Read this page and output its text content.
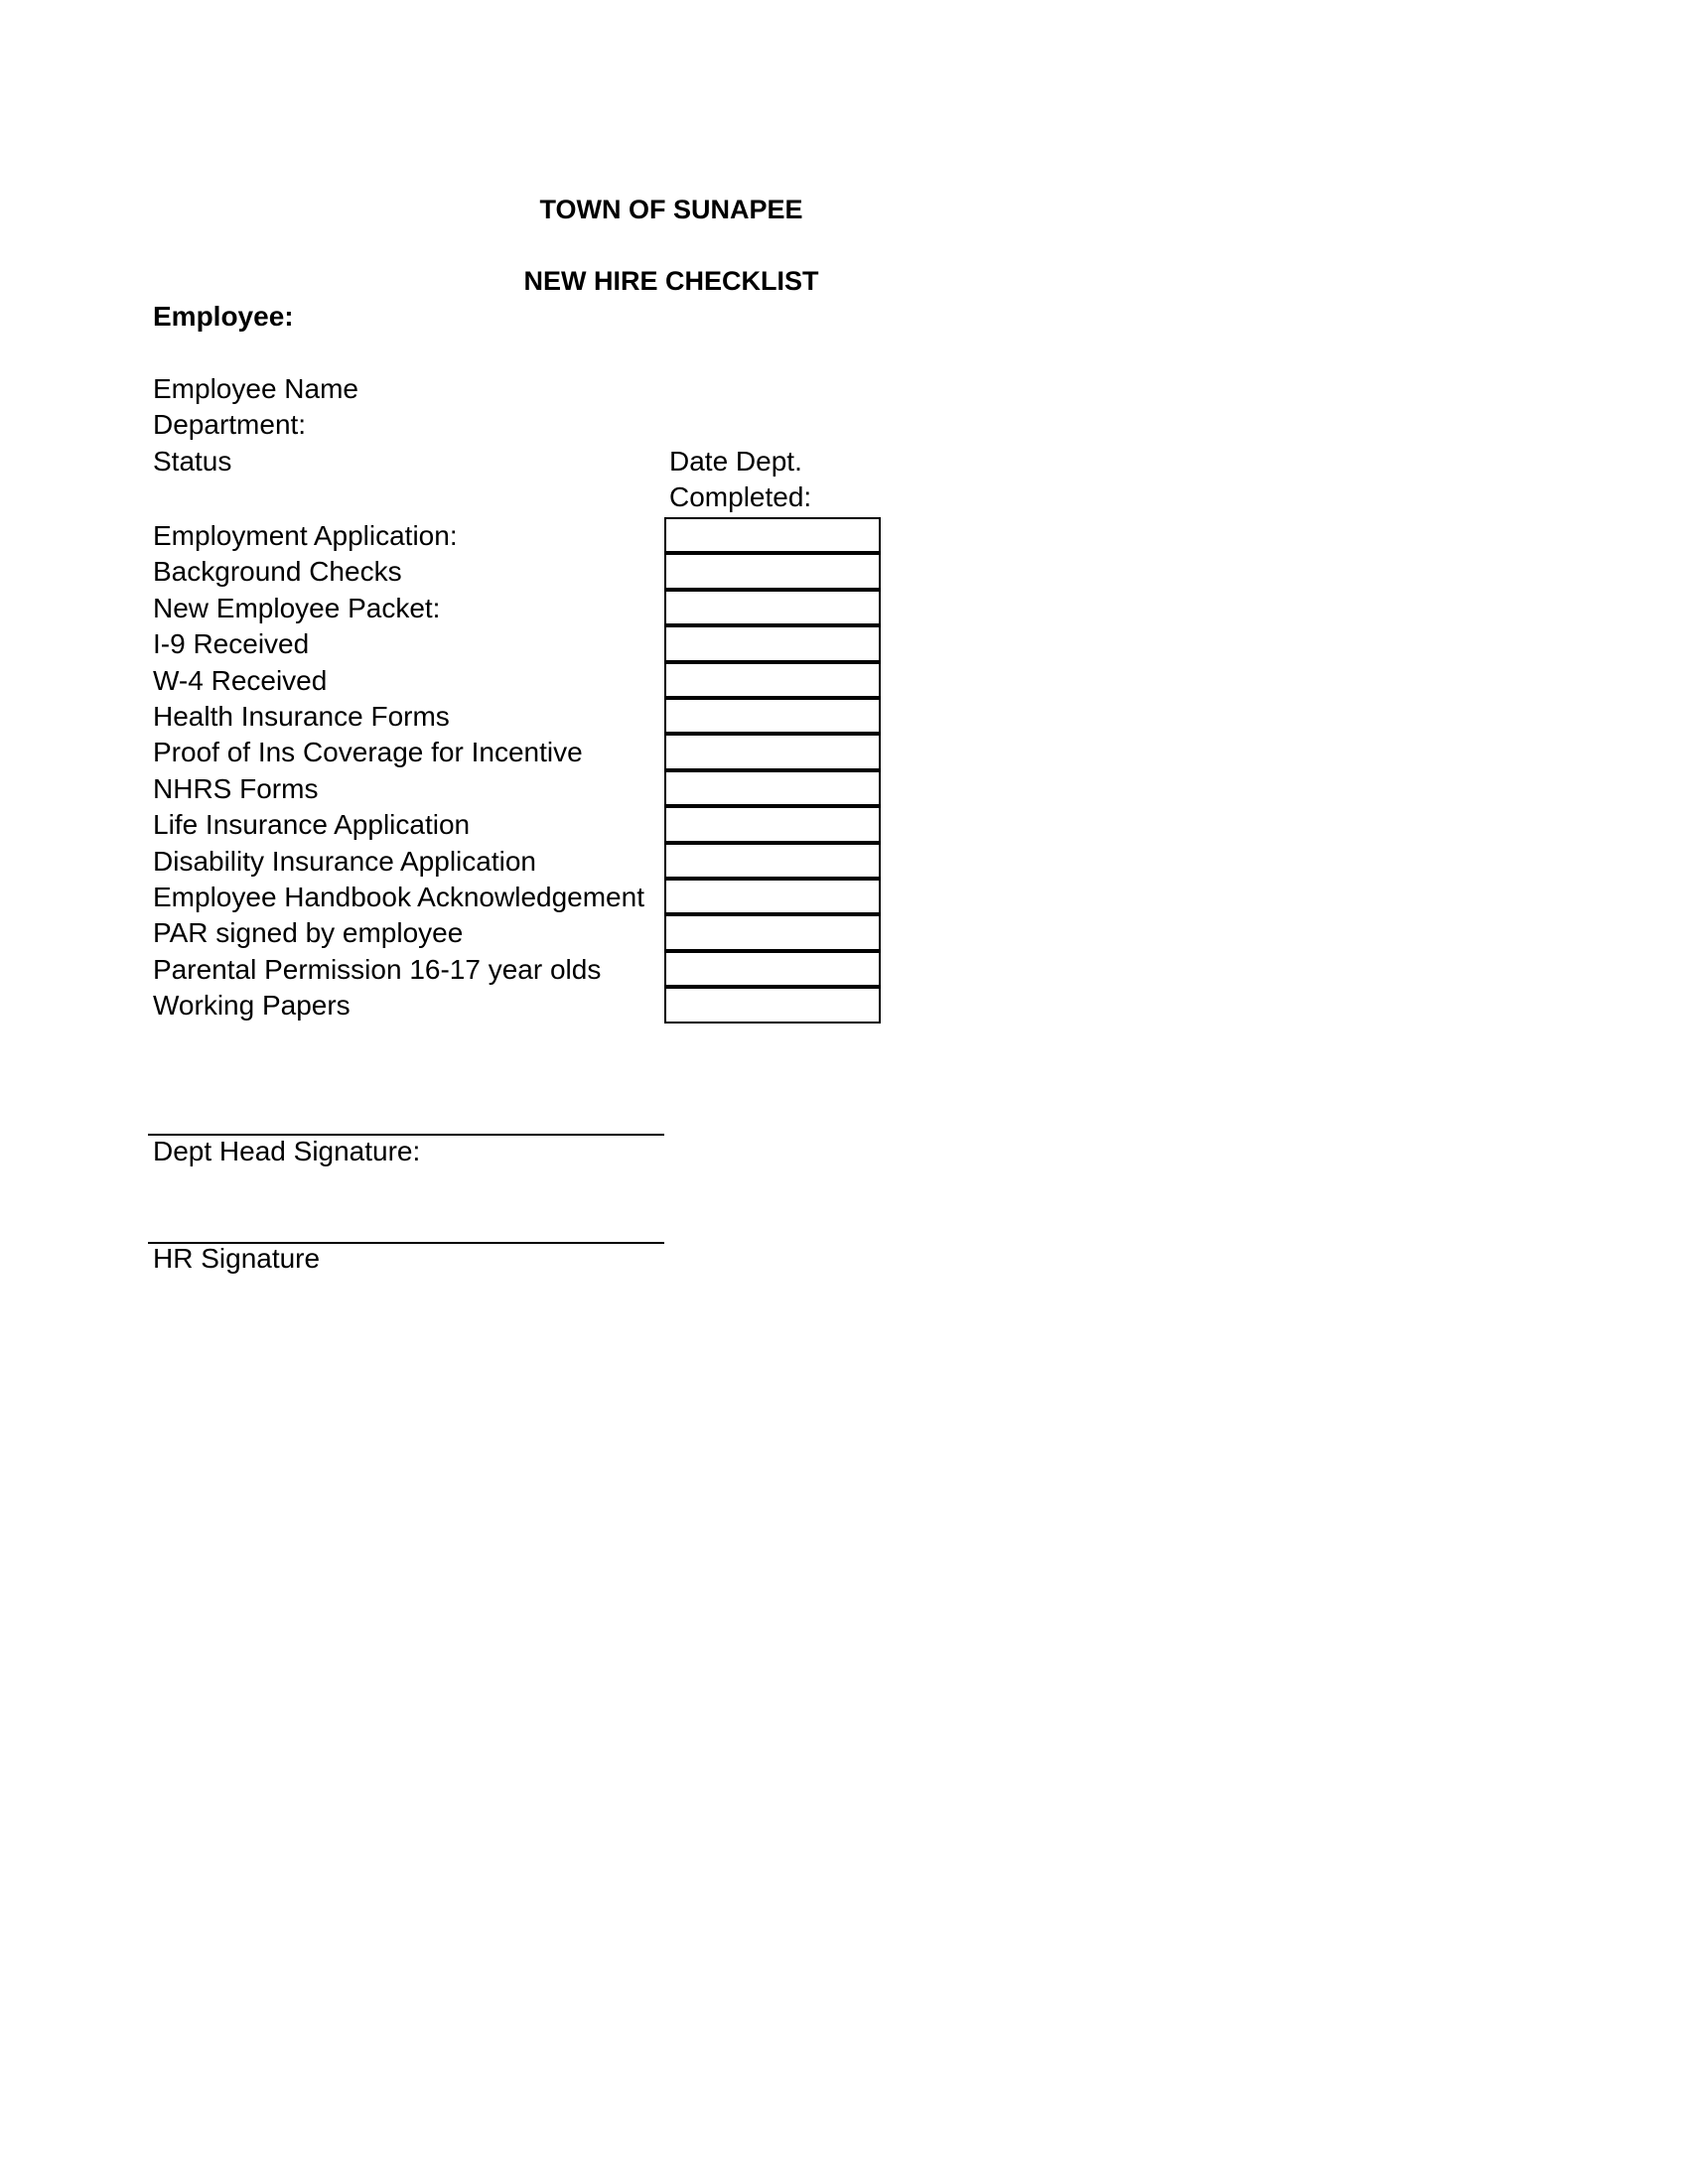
TOWN OF SUNAPEE
NEW HIRE CHECKLIST
Employee:
Employee Name
Department:
Status	Date Dept.
Completed:
Employment Application:
Background Checks
New Employee Packet:
I-9 Received
W-4 Received
Health Insurance Forms
Proof of Ins Coverage for Incentive
NHRS Forms
Life Insurance Application
Disability Insurance Application
Employee Handbook Acknowledgement
PAR signed by employee
Parental Permission 16-17 year olds
Working Papers
Dept Head Signature:
HR Signature
